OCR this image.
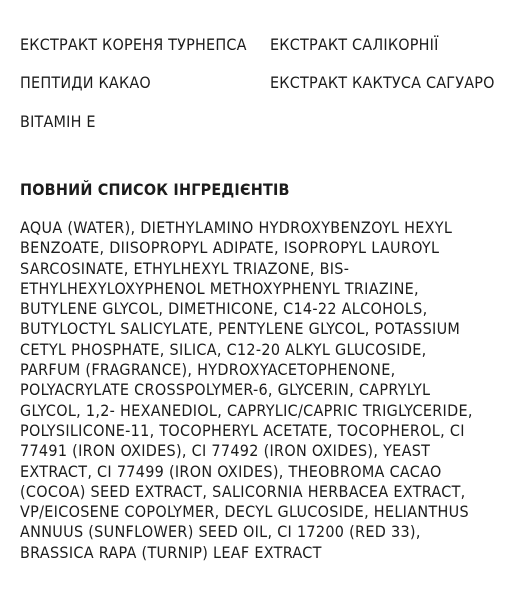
ЕКСТРАКТ КОРЕНЯ ТУРНЕПСА ЕКСТРАКТ САЛІКОРНІЇ
ПЕПТИДИ КАКАО	ЕКСТРАКТ КАКТУСА САГУАРО
ВІТАМІН Е
ПОВНИЙ СПИСОК ІНГРЕДІЄНТІВ
AQUA (WATER), DIETHYLAMINO HYDROXYBENZOYL HEXYL
BENZOATE, DIISOPROPYL ADIPATE, ISOPROPYL LAUROYL
SARCOSINATE, ETHYLHEXYL TRIAZONE, BIS-
ETHYLHEXYLOXYPHENOL METHOXYPHENYL TRIAZINE,
BUTYLENE GLYCOL, DIMETHICONE, C14-22 ALCOHOLS,
BUTYLOCTYL SALICYLATE, PENTYLENE GLYCOL, POTASSIUM
CETYL PHOSPHATE, SILICA, C12-20 ALKYL GLUCOSIDE,
PARFUM (FRAGRANCE), HYDROXYACETOPHENONE,
POLYACRYLATE CROSSPOLYMER-6, GLYCERIN, CAPRYLYL
GLYCOL, 1,2- HEXANEDIOL, CAPRYLIC/CAPRIC TRIGLYCERIDE,
POLYSILICONE-11, TOCOPHERYL ACETATE, TOCOPHEROL, CI
77491 (IRON OXIDES), CI 77492 (IRON OXIDES), YEAST
EXTRACT, CI 77499 (IRON OXIDES), THEOBROMA CACAO
(COCOA) SEED EXTRACT, SALICORNIA HERBACEA EXTRACT,
VP/EICOSENE COPOLYMER, DECYL GLUCOSIDE, HELIANTHUS
ANNUUS (SUNFLOWER) SEED OIL, CI 17200 (RED 33),
BRASSICA RAPA (TURNIP) LEAF EXTRACT
